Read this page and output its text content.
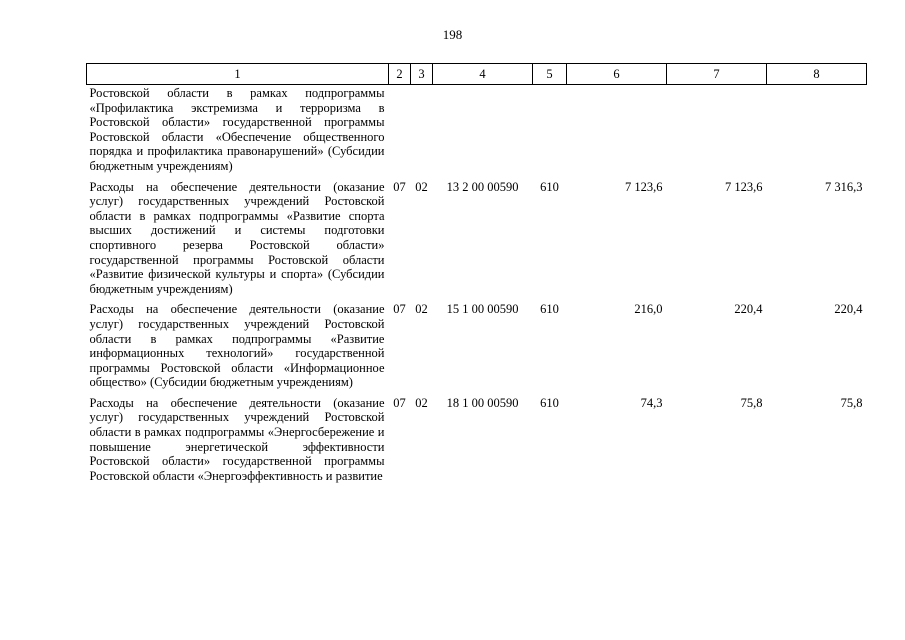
198
1	2	3	4	5	6	7	8
Ростовской области в рамках подпрограммы «Профилактика экстремизма и терроризма в Ростовской области» государственной программы Ростовской области «Обеспечение общественного порядка и профилактика правонарушений» (Субсидии бюджетным учреждениям)							
Расходы на обеспечение деятельности (оказание услуг) государственных учреждений Ростовской области в рамках подпрограммы «Развитие спорта высших достижений и системы подготовки спортивного резерва Ростовской области» государственной программы Ростовской области «Развитие физической культуры и спорта» (Субсидии бюджетным учреждениям)	07	02	13 2 00 00590	610	7 123,6	7 123,6	7 316,3
Расходы на обеспечение деятельности (оказание услуг) государственных учреждений Ростовской области в рамках подпрограммы «Развитие информационных технологий» государственной программы Ростовской области «Информационное общество» (Субсидии бюджетным учреждениям)	07	02	15 1 00 00590	610	216,0	220,4	220,4
Расходы на обеспечение деятельности (оказание услуг) государственных учреждений Ростовской области в рамках подпрограммы «Энергосбережение и повышение энергетической эффективности Ростовской области» государственной программы Ростовской области «Энергоэффективность и развитие	07	02	18 1 00 00590	610	74,3	75,8	75,8
